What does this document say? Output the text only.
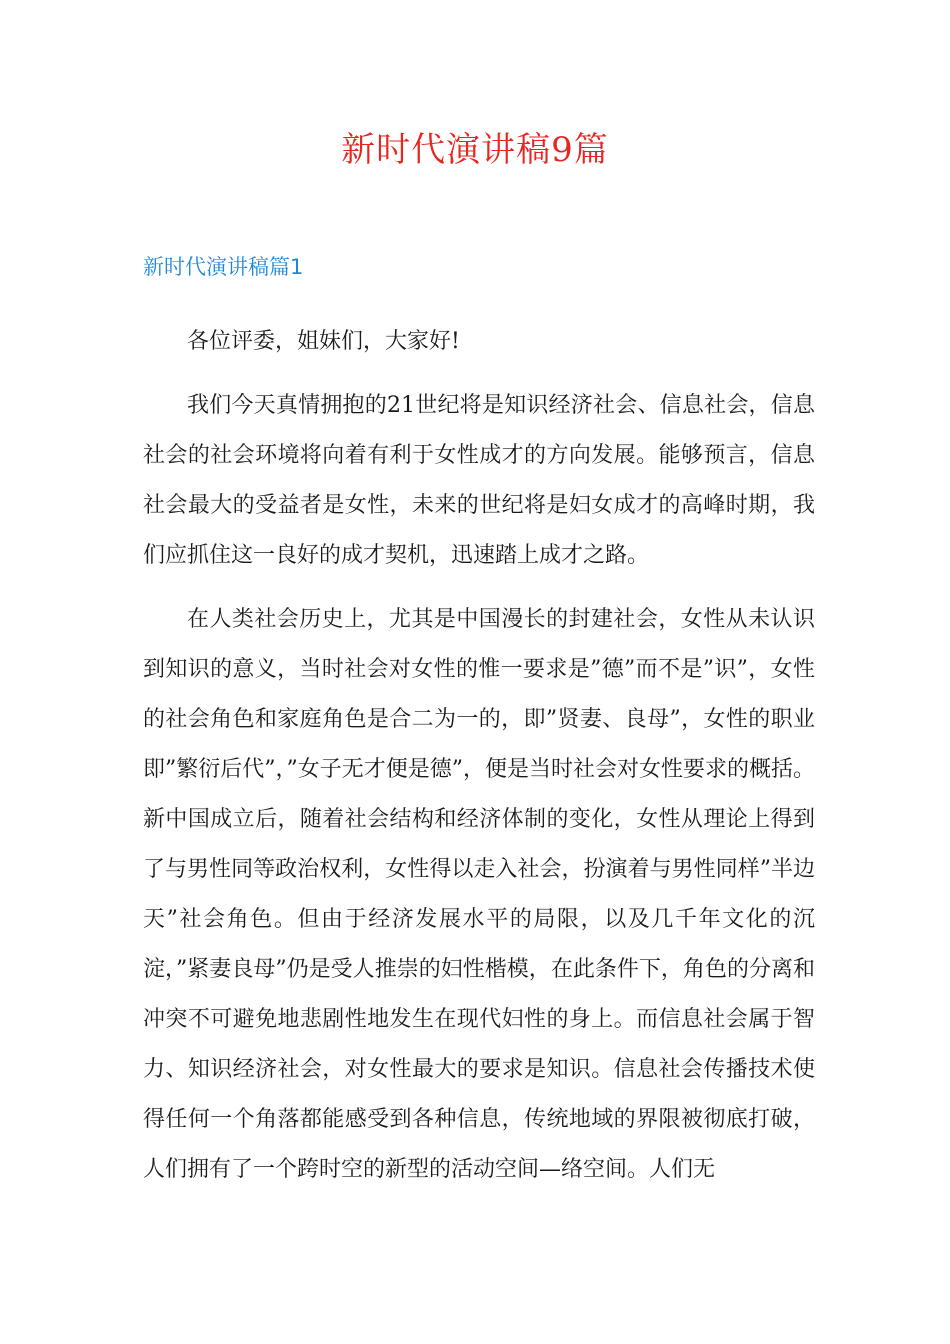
新时代演讲稿9篇
新时代演讲稿篇1

各位评委，姐妹们，大家好!

我们今天真情拥抱的21世纪将是知识经济社会、信息社会，信息社会的社会环境将向着有利于女性成才的方向发展。能够预言，信息社会最大的受益者是女性，未来的世纪将是妇女成才的高峰时期，我们应抓住这一良好的成才契机，迅速踏上成才之路。

在人类社会历史上，尤其是中国漫长的封建社会，女性从未认识到知识的意义，当时社会对女性的惟一要求是”德”而不是”识”，女性的社会角色和家庭角色是合二为一的，即”贤妻、良母”，女性的职业即”繁衍后代”，”女子无才便是德”，便是当时社会对女性要求的概括。新中国成立后，随着社会结构和经济体制的变化，女性从理论上得到了与男性同等政治权利，女性得以走入社会，扮演着与男性同样”半边天”社会角色。但由于经济发展水平的局限，以及几千年文化的沉淀，”紧妻良母”仍是受人推崇的妇性楷模，在此条件下，角色的分离和冲突不可避免地悲剧性地发生在现代妇性的身上。而信息社会属于智力、知识经济社会，对女性最大的要求是知识。信息社会传播技术使得任何一个角落都能感受到各种信息，传统地域的界限被彻底打破，人们拥有了一个跨时空的新型的活动空间—络空间。人们无
